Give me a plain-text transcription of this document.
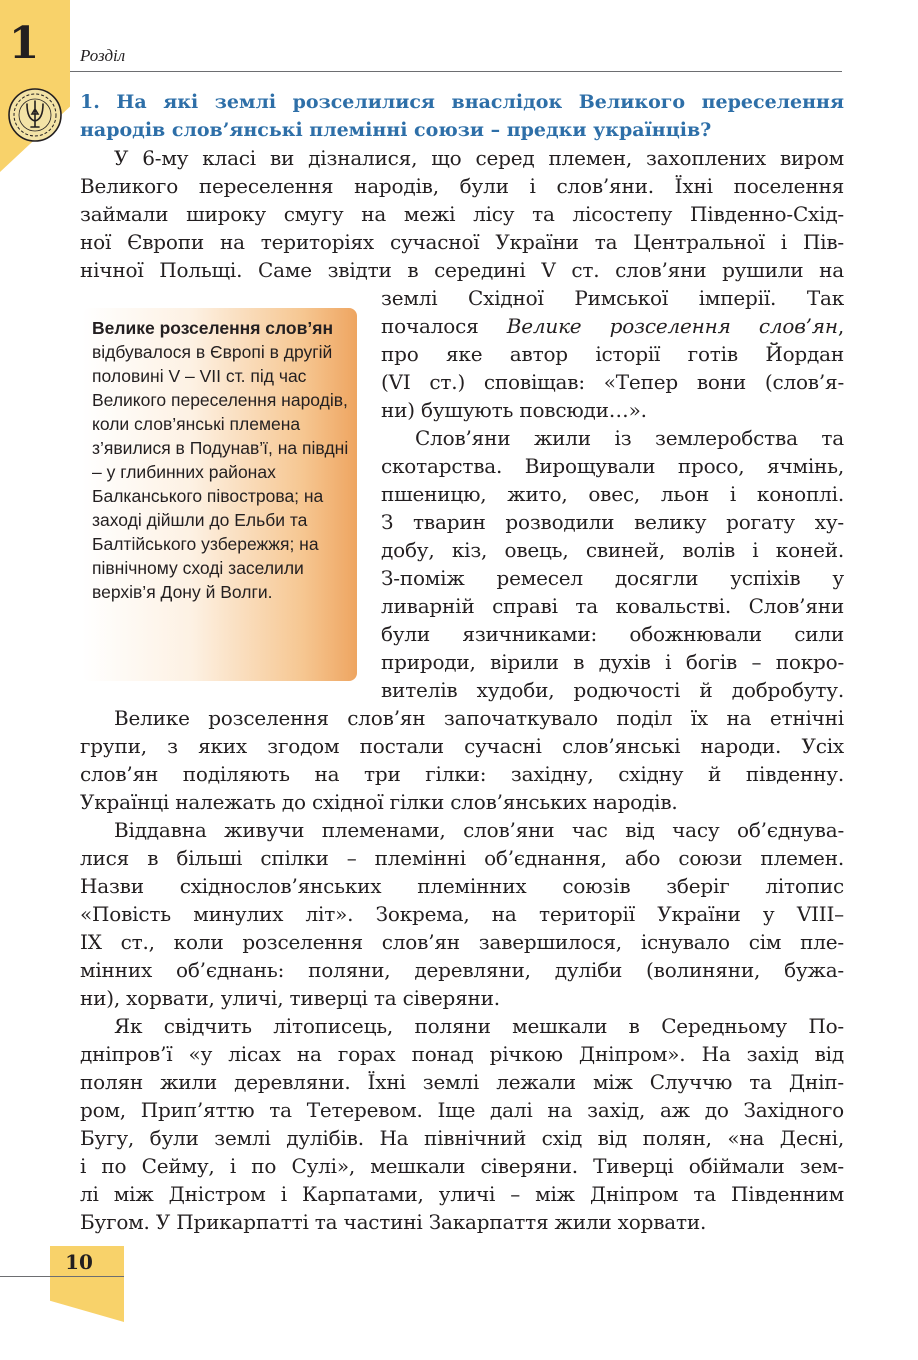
1	Розділ

1. На які землі розселилися внаслідок Великого переселення народів слов’янські племінні союзи – предки українців?

У 6-му класі ви дізналися, що серед племен, захоплених виром
Великого переселення народів, були і слов’яни. Їхні поселення
займали широку смугу на межі лісу та лісостепу Південно-Схід-
ної Європи на територіях сучасної України та Центральної і Пів-
нічної Польщі. Саме звідти в середині V ст. слов’яни рушили на
землі Східної Римської імперії. Так
почалося Велике розселення слов’ян,
про яке автор історії готів Йордан
(VI ст.) сповіщав: «Тепер вони (слов’я-
ни) бушують повсюди…».
Слов’яни жили із землеробства та
скотарства. Вирощували просо, ячмінь,
пшеницю, жито, овес, льон і коноплі.
З тварин розводили велику рогату ху-
добу, кіз, овець, свиней, волів і коней.
З-поміж ремесел досягли успіхів у
ливарній справі та ковальстві. Слов’яни
були язичниками: обожнювали сили
природи, вірили в духів і богів – покро-
вителів худоби, родючості й добробуту.

Велике розселення слов’ян відбувалося в Європі в другій половині V – VII ст. під час Великого переселення народів, коли слов’янські племена з’явилися в Подунав’ї, на півдні – у глибинних районах Балканського півострова; на заході дійшли до Ельби та Балтійського узбережжя; на північному сході заселили верхів’я Дону й Волги.

Велике розселення слов’ян започаткувало поділ їх на етнічні
групи, з яких згодом постали сучасні слов’янські народи. Усіх
слов’ян поділяють на три гілки: західну, східну й південну.
Українці належать до східної гілки слов’янських народів.
Віддавна живучи племенами, слов’яни час від часу об’єднува-
лися в більші спілки – племінні об’єднання, або союзи племен.
Назви східнослов’янських племінних союзів зберіг літопис
«Повість минулих літ». Зокрема, на території України у VIII–
IX ст., коли розселення слов’ян завершилося, існувало сім пле-
мінних об’єднань: поляни, деревляни, дуліби (волиняни, бужа-
ни), хорвати, уличі, тиверці та сіверяни.
Як свідчить літописець, поляни мешкали в Середньому По-
дніпров’ї «у лісах на горах понад річкою Дніпром». На захід від
полян жили деревляни. Їхні землі лежали між Случчю та Дніп-
ром, Прип’яттю та Тетеревом. Іще далі на захід, аж до Західного
Бугу, були землі дулібів. На північний схід від полян, «на Десні,
і по Сейму, і по Сулі», мешкали сіверяни. Тиверці обіймали зем-
лі між Дністром і Карпатами, уличі – між Дніпром та Південним
Бугом. У Прикарпатті та частині Закарпаття жили хорвати.
10
